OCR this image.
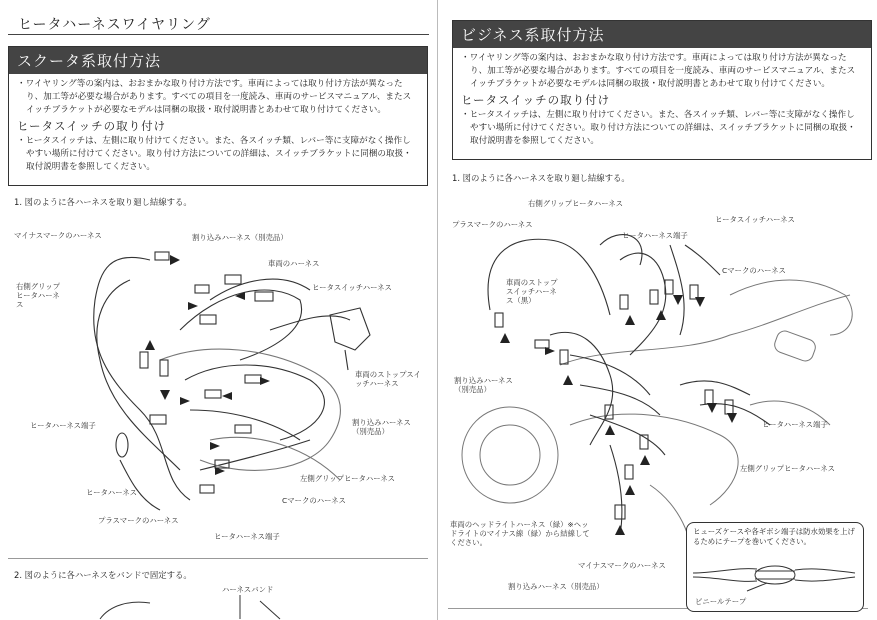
ヒータハーネスワイヤリング
スクータ系取付方法

・ワイヤリング等の案内は、おおまかな取り付け方法です。車両によっては取り付け方法が異なったり、加工等が必要な場合があります。すべての項目を一度読み、車両のサービスマニュアル、またスイッチブラケットが必要なモデルは同梱の取扱・取付説明書とあわせて取り付けてください。

ヒータスイッチの取り付け

・ヒータスイッチは、左側に取り付けてください。また、各スイッチ類、レバー等に支障がなく操作しやすい場所に付けてください。取り付け方法についての詳細は、スイッチブラケットに同梱の取扱・取付説明書を参照してください。

1. 図のように各ハーネスを取り廻し結線する。
マイナスマークのハーネス	割り込みハーネス（別売品）
車両のハーネス
ヒータスイッチハーネス
右側グリップヒータハーネス
車両のストップスイッチハーネス
ヒータハーネス端子	割り込みハーネス（別売品）
左側グリップヒータハーネス
ヒータハーネス
Cマークのハーネス
プラスマークのハーネス
ヒータハーネス端子
2. 図のように各ハーネスをバンドで固定する。
ハーネスバンド
ビジネス系取付方法

・ワイヤリング等の案内は、おおまかな取り付け方法です。車両によっては取り付け方法が異なったり、加工等が必要な場合があります。すべての項目を一度読み、車両のサービスマニュアル、またスイッチブラケットが必要なモデルは同梱の取扱・取付説明書とあわせて取り付けてください。

ヒータスイッチの取り付け

・ヒータスイッチは、左側に取り付けてください。また、各スイッチ類、レバー等に支障がなく操作しやすい場所に付けてください。取り付け方法についての詳細は、スイッチブラケットに同梱の取扱・取付説明書を参照してください。

1. 図のように各ハーネスを取り廻し結線する。
右側グリップヒータハーネス
プラスマークのハーネス
ヒータスイッチハーネス
ヒータハーネス端子
Cマークのハーネス
車両のストップスイッチハーネス（黒）
割り込みハーネス（別売品）
ヒータハーネス端子
左側グリップヒータハーネス
車両のヘッドライトハーネス（緑）※ヘッドライトのマイナス線（緑）から結線してください。
マイナスマークのハーネス
割り込みハーネス（別売品）
ヒューズケースや各ギボシ端子は防水効果を上げるためにテープを巻いてください。
ビニールテープ
